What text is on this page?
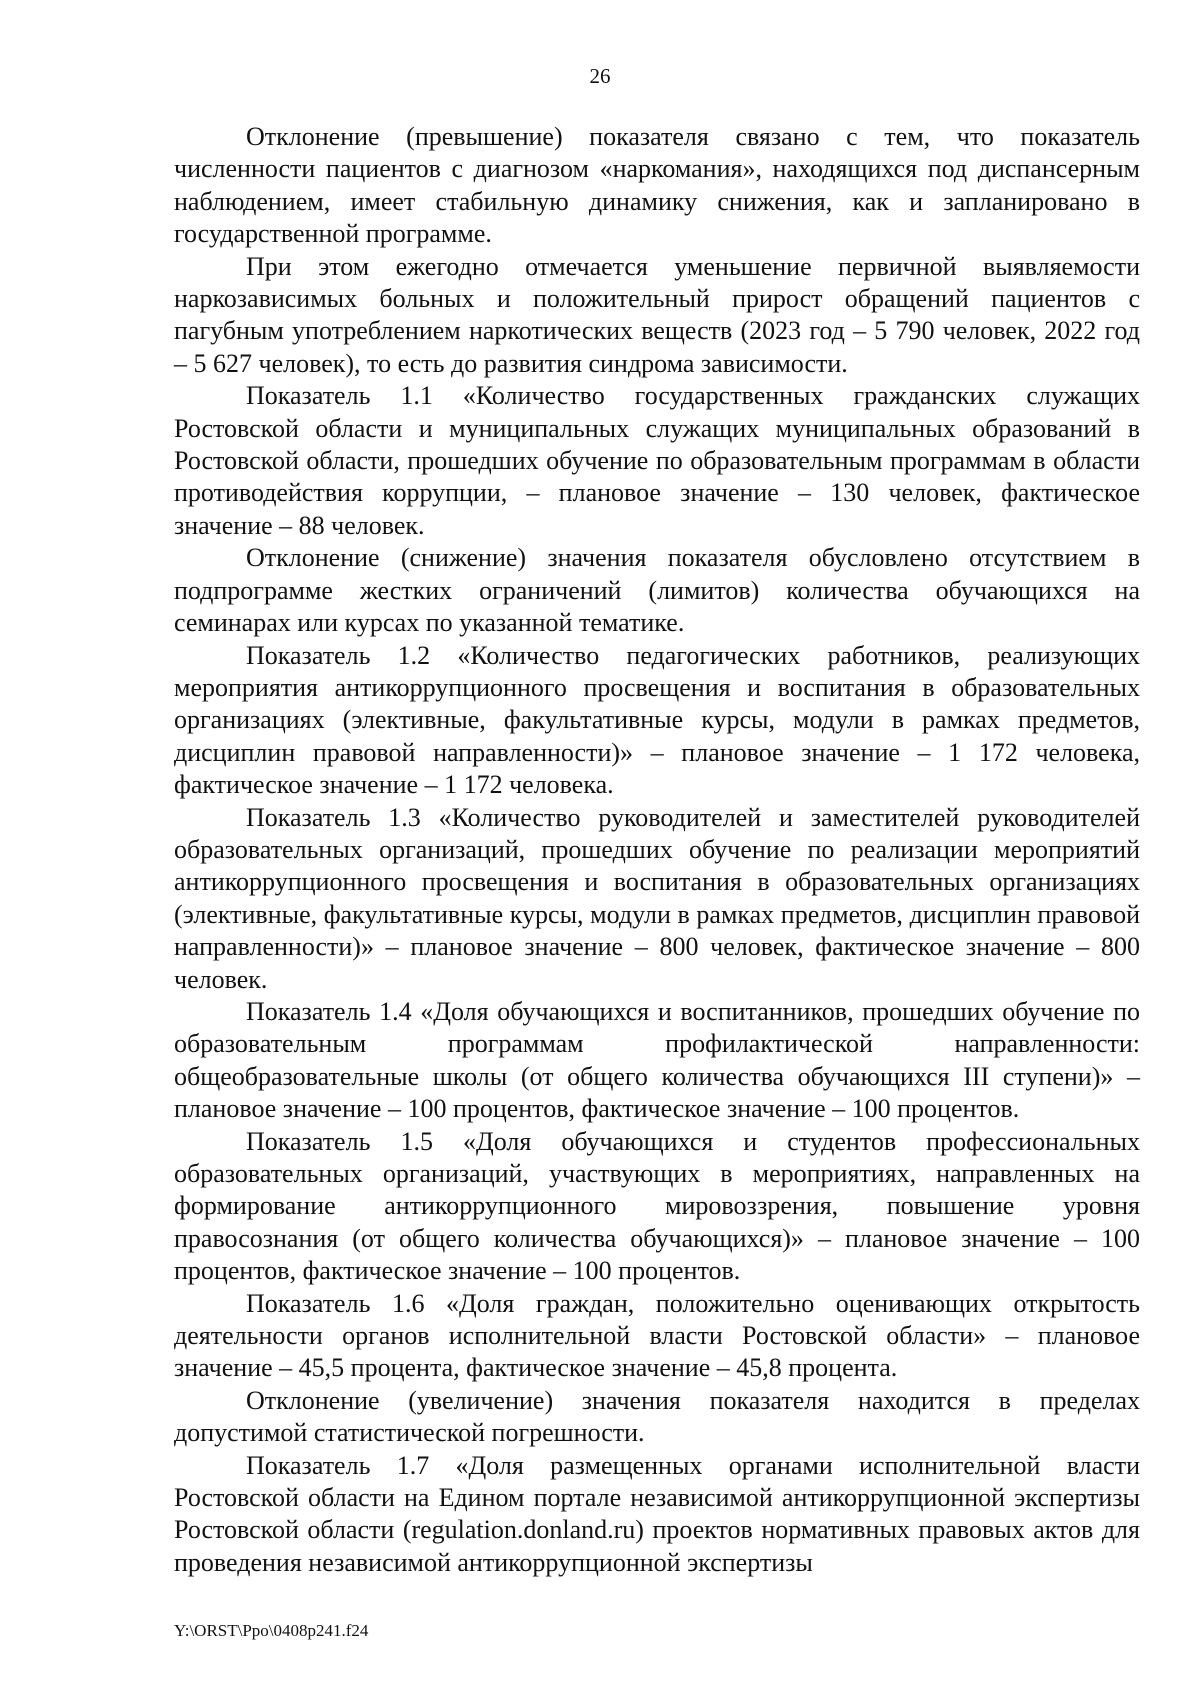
26

Отклонение (превышение) показателя связано с тем, что показатель численности пациентов с диагнозом «наркомания», находящихся под диспансерным наблюдением, имеет стабильную динамику снижения, как и запланировано в государственной программе.

При этом ежегодно отмечается уменьшение первичной выявляемости наркозависимых больных и положительный прирост обращений пациентов с пагубным употреблением наркотических веществ (2023 год – 5 790 человек, 2022 год – 5 627 человек), то есть до развития синдрома зависимости.

Показатель 1.1 «Количество государственных гражданских служащих Ростовской области и муниципальных служащих муниципальных образований в Ростовской области, прошедших обучение по образовательным программам в области противодействия коррупции, – плановое значение – 130 человек, фактическое значение – 88 человек.

Отклонение (снижение) значения показателя обусловлено отсутствием в подпрограмме жестких ограничений (лимитов) количества обучающихся на семинарах или курсах по указанной тематике.

Показатель 1.2 «Количество педагогических работников, реализующих мероприятия антикоррупционного просвещения и воспитания в образовательных организациях (элективные, факультативные курсы, модули в рамках предметов, дисциплин правовой направленности)» – плановое значение – 1 172 человека, фактическое значение – 1 172 человека.

Показатель 1.3 «Количество руководителей и заместителей руководителей образовательных организаций, прошедших обучение по реализации мероприятий антикоррупционного просвещения и воспитания в образовательных организациях (элективные, факультативные курсы, модули в рамках предметов, дисциплин правовой направленности)» – плановое значение – 800 человек, фактическое значение – 800 человек.

Показатель 1.4 «Доля обучающихся и воспитанников, прошедших обучение по образовательным программам профилактической направленности: общеобразовательные школы (от общего количества обучающихся III ступени)» – плановое значение – 100 процентов, фактическое значение – 100 процентов.

Показатель 1.5 «Доля обучающихся и студентов профессиональных образовательных организаций, участвующих в мероприятиях, направленных на формирование антикоррупционного мировоззрения, повышение уровня правосознания (от общего количества обучающихся)» – плановое значение – 100 процентов, фактическое значение – 100 процентов.

Показатель 1.6 «Доля граждан, положительно оценивающих открытость деятельности органов исполнительной власти Ростовской области» – плановое значение – 45,5 процента, фактическое значение – 45,8 процента.

Отклонение (увеличение) значения показателя находится в пределах допустимой статистической погрешности.

Показатель 1.7 «Доля размещенных органами исполнительной власти Ростовской области на Едином портале независимой антикоррупционной экспертизы Ростовской области (regulation.donland.ru) проектов нормативных правовых актов для проведения независимой антикоррупционной экспертизы

Y:\ORST\Ppo\0408p241.f24
